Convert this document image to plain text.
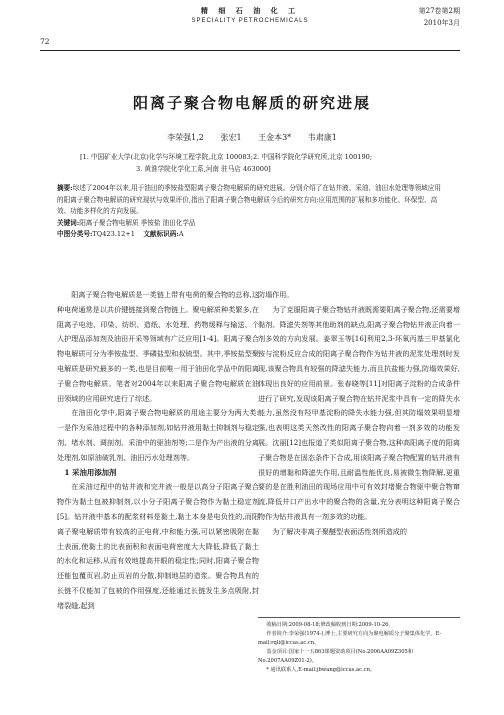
精 细 石 油 化 工
SPECIALITY PETROCHEMICALS
72
第27卷第2期
2010年3月
阳离子聚合物电解质的研究进展
李荣强1,2 张宏1 王金本3* 韦肃康1
[1. 中国矿业大学(北京)化学与环境工程学院,北京 100083;2. 中国科学院化学研究所,北京 100190;
3. 黄淮学院化学化工系,河南 驻马店 463000]

摘要:综述了2004年以来,用于油田的季铵盐型阳离子聚合物电解质的研究进展。分别介绍了在钻井液、采油、油田水处理等领域应用的阳离子聚合物电解质的研究现状与效果评价,指出了阳离子聚合物电解质今后的研究方向:应用范围的扩展和多功能化、环保型、高效、功能多样化的方向发展。

关键词:阳离子聚合物电解质 季铵盐 油田化学品

中图分类号:TQ423.12+1 文献标识码:A

阳离子聚合物电解质是一类链上带有电荷的聚合物的总称,这种电荷通常是以共价键链接到聚合物链上。聚电解质种类繁多,在阻离子电池、印染、纺织、造纸、水处理、药物缓释与输送、个人护理品添加剂及油田开采等领域有广泛应用[1-4]。阳离子聚合物电解质可分为季铵盐型、季磷盐型和叔锍型。其中,季铵盐型聚电解质是研究最多的一类,也是目前唯一用于油田化学品中的阳离子聚合物电解质。笔者对2004年以来阳离子聚合物电解质在油田领域的应用研究进行了综述。

在油田化学中,阳离子聚合物电解质的用途主要分为两大类:一是作为采油过程中的各种添加剂,如钻井液用黏土抑制剂与稳定剂、堵水剂、调剖剂、采油中的驱油剂等;二是作为产出液的分离处理剂,如原油破乳剂、油田污水处理剂等。

1 采油用添加剂

在采油过程中的钻井液和完井液一般是以高分子阳离子聚合物作为黏土包被抑制剂,以小分子阳离子聚合物作为黏土稳定剂[5]。钻井液中基本的配浆材料是黏土,黏土本身是电负性的,而阳离子聚电解质带有较高的正电荷,中和能力强,可以紧密吸附在黏土表面,使黏土的比表面积和表面电荷密度大大降低,降低了黏土的水化和运移,从而有效地提高井眼的稳定性;同时,阳离子聚合物还能包覆页岩,防止页岩的分散,抑制地层的造浆。聚合物具有的长链不仅能加了包被的作用强度,还能通过长链发生多点吸附,封堵裂缝,起到

防塌作用。

为了克服阳离子聚合物钻井液既需要阳离子聚合物,还需要增黏剂、降滤失剂等其他助剂的缺点,阳离子聚合物钻井液正向着一剂多效的方向发展。姜翠玉等[16]利用2,3-环氧丙基三甲基氯化铵与淀粉反应合成的阳离子聚合物作为钻井液的泥浆处理剂时发现,该聚合物具有较强的降滤失能力,而且抗盐能力强,防塌效果好,体现出良好的应用前景。张春晓等[11]对阳离子淀粉的合成条件进行了研究,发现该阳离子聚合物在钻井泥浆中具有一定的降失水能力,虽然没有羟甲基淀粉的降失水能力强,但其防塌效果明显增强,也表明这类天然改性的阳离子聚合物向着一剂多效的功能发展。沈丽[12]也报道了类似阳离子聚合物,这种高阳离子度的阳离子聚合物是在固态条件下合成,用该阳离子聚合物配置的钻井液有很好的增黏和降滤失作用,且耐温性能优良,易被微生物降解,更重要的是在胜利油田的现场应用中可有效封堵聚合物驱中聚合物窜流,降低井口产出水中的聚合物的含量,充分表明这种阳离子聚合物作为钻井液具有一剂多效的功能。

为了解决非离子聚醚型表面活性剂所造成的

收稿日期:2009-08-18;修改稿收到日期:2009-10-26。
作者简介:李荣强(1974-),博士,主要研究方向为聚电解质分子聚集体化学。E-mail:rqli@iccas.ac.cn。
基金项目:国家十一五863课题资助项目(No.2006AA09Z305和No.2007AA09Z01-2)。
* 通讯联系人,E-mail:jbwang@iccas.ac.cn。
